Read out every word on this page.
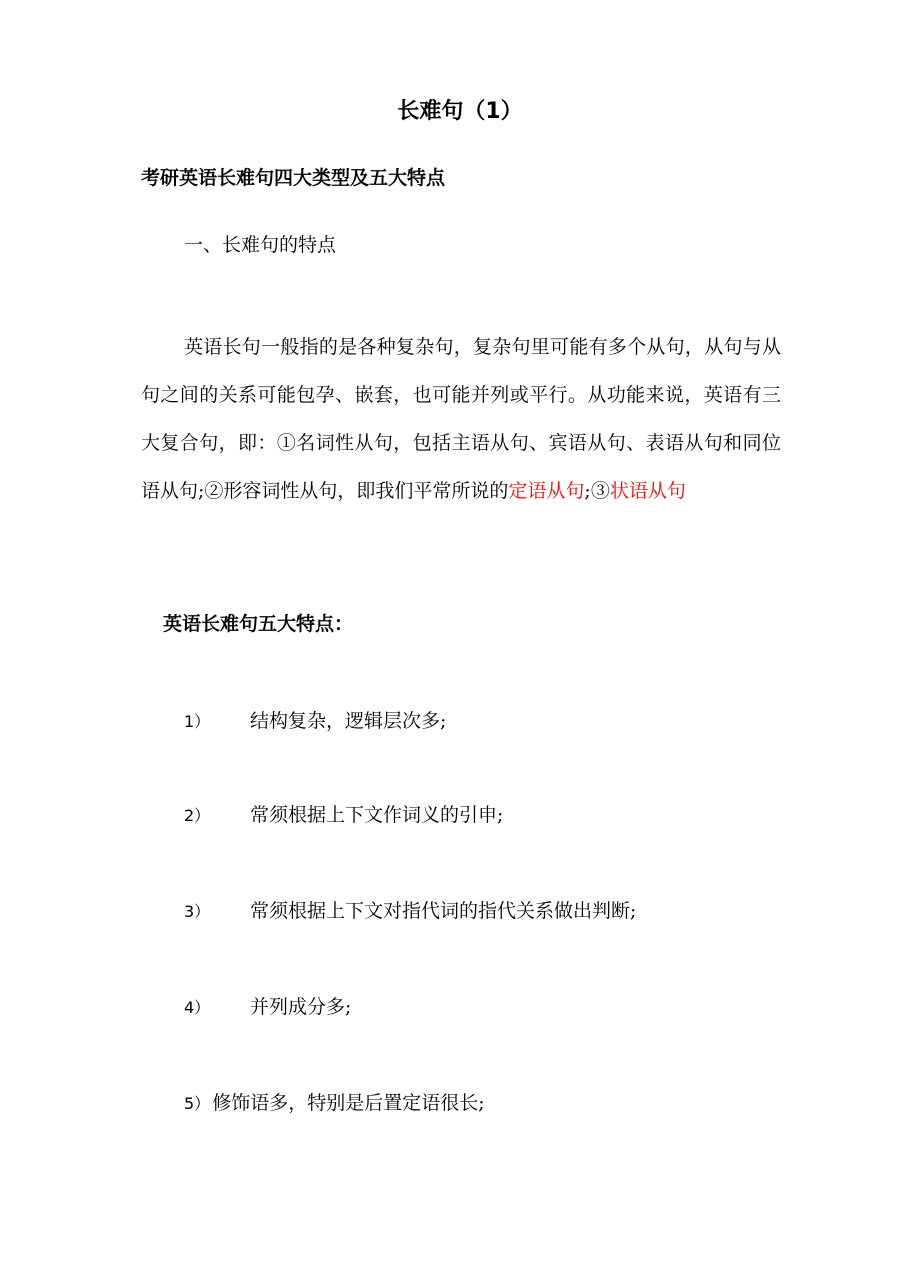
长难句（1）
考研英语长难句四大类型及五大特点
一、长难句的特点
英语长句一般指的是各种复杂句，复杂句里可能有多个从句，从句与从句之间的关系可能包孕、嵌套，也可能并列或平行。从功能来说，英语有三大复合句，即：①名词性从句，包括主语从句、宾语从句、表语从句和同位语从句;②形容词性从句，即我们平常所说的定语从句;③状语从句
英语长难句五大特点：
1） 结构复杂，逻辑层次多;
2） 常须根据上下文作词义的引申;
3） 常须根据上下文对指代词的指代关系做出判断;
4） 并列成分多;
5） 修饰语多，特别是后置定语很长;
